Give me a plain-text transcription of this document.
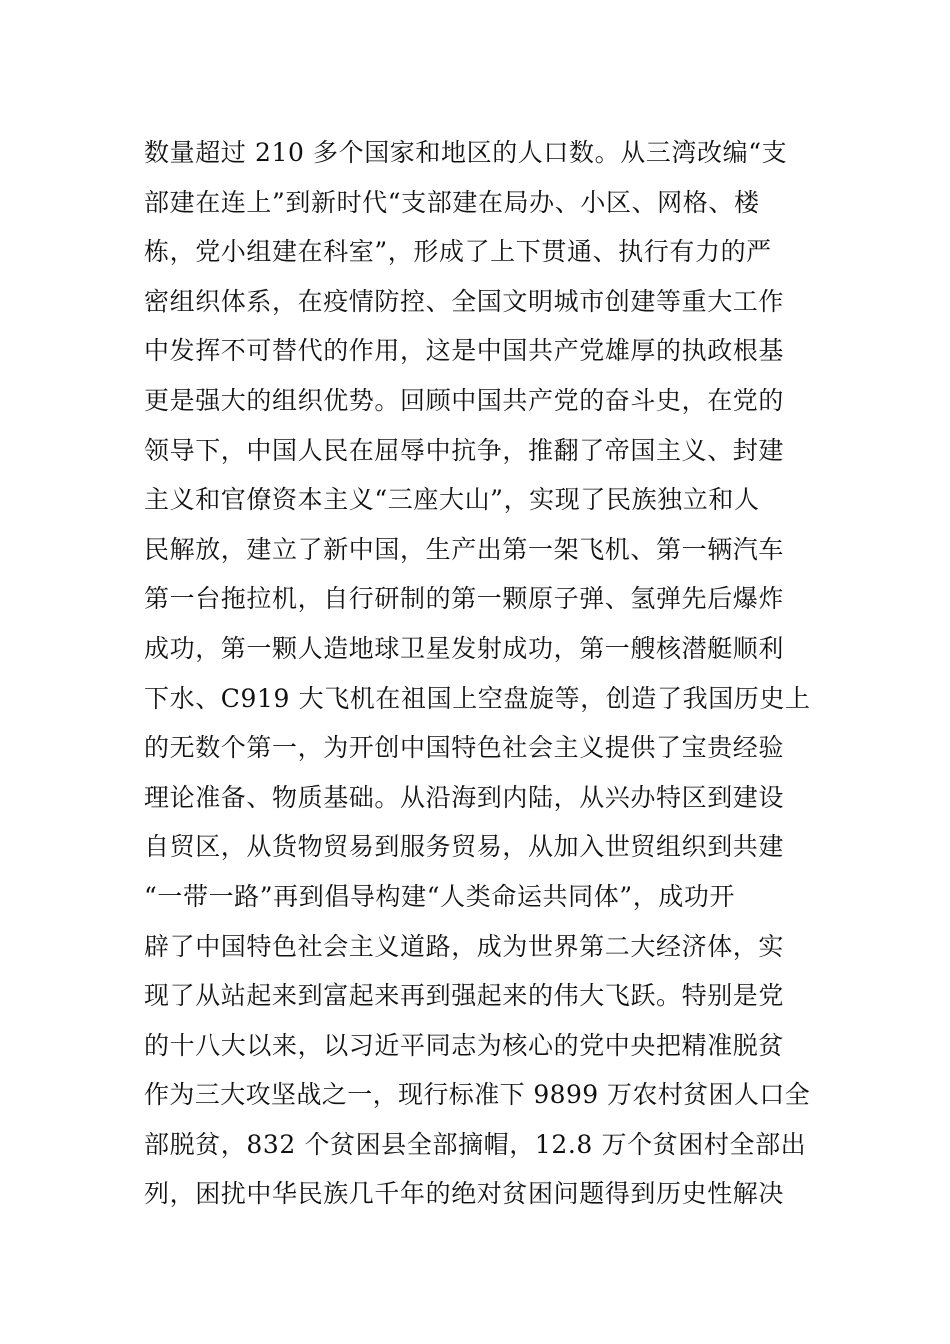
数量超过 210 多个国家和地区的人口数。从三湾改编“支
部建在连上”到新时代“支部建在局办、小区、网格、楼
栋，党小组建在科室”，形成了上下贯通、执行有力的严
密组织体系，在疫情防控、全国文明城市创建等重大工作
中发挥不可替代的作用，这是中国共产党雄厚的执政根基
更是强大的组织优势。回顾中国共产党的奋斗史，在党的
领导下，中国人民在屈辱中抗争，推翻了帝国主义、封建
主义和官僚资本主义“三座大山”，实现了民族独立和人
民解放，建立了新中国，生产出第一架飞机、第一辆汽车
第一台拖拉机，自行研制的第一颗原子弹、氢弹先后爆炸
成功，第一颗人造地球卫星发射成功，第一艘核潜艇顺利
下水、C919 大飞机在祖国上空盘旋等，创造了我国历史上
的无数个第一，为开创中国特色社会主义提供了宝贵经验
理论准备、物质基础。从沿海到内陆，从兴办特区到建设
自贸区，从货物贸易到服务贸易，从加入世贸组织到共建
“一带一路”再到倡导构建“人类命运共同体”，成功开
辟了中国特色社会主义道路，成为世界第二大经济体，实
现了从站起来到富起来再到强起来的伟大飞跃。特别是党
的十八大以来，以习近平同志为核心的党中央把精准脱贫
作为三大攻坚战之一，现行标准下 9899 万农村贫困人口全
部脱贫，832 个贫困县全部摘帽，12.8 万个贫困村全部出
列，困扰中华民族几千年的绝对贫困问题得到历史性解决
